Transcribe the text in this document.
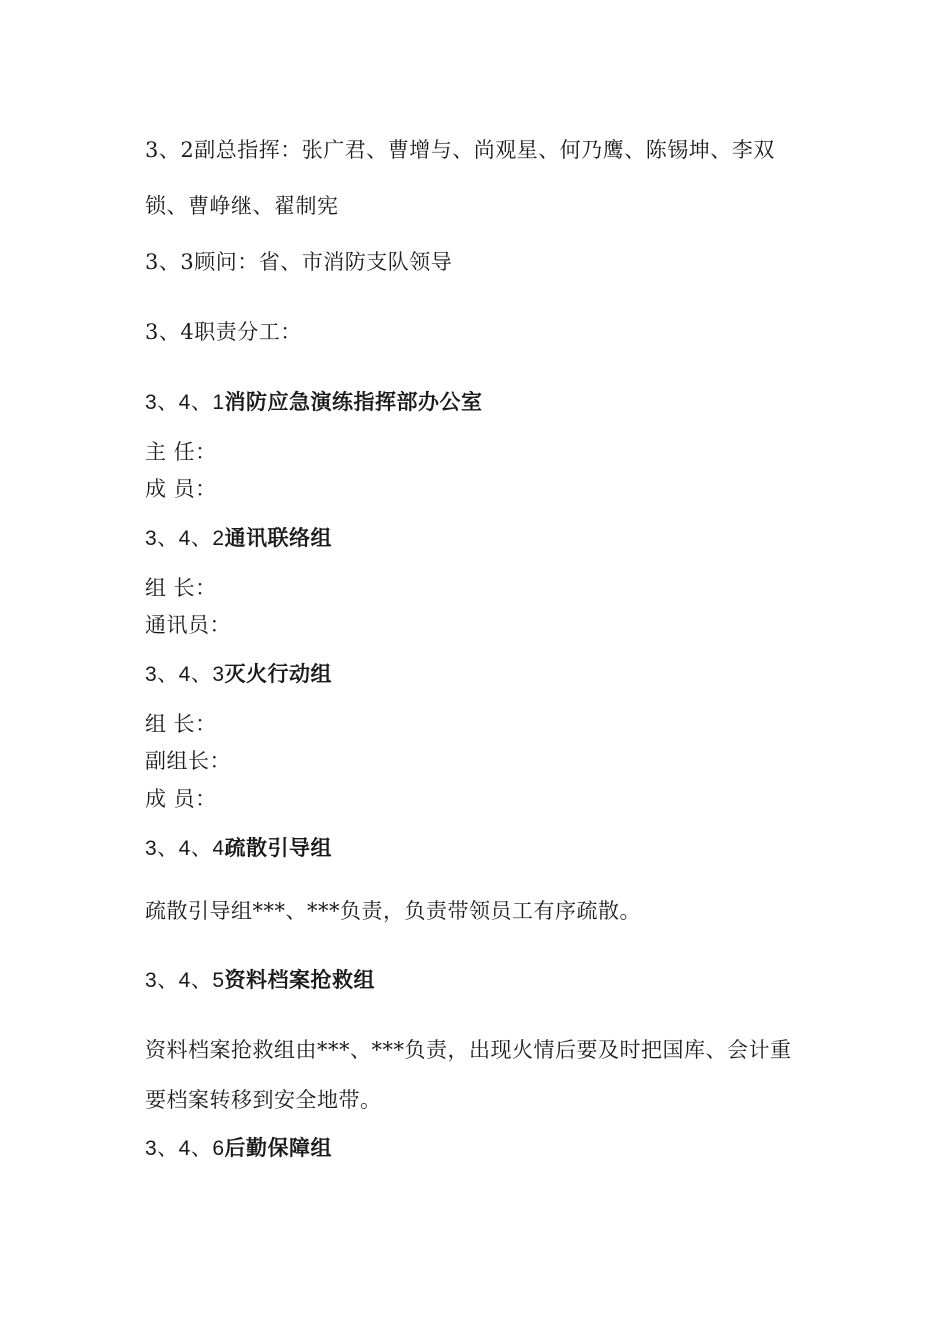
3、2副总指挥：张广君、曹增与、尚观星、何乃鹰、陈锡坤、李双
锁、曹峥继、翟制宪
3、3顾问：省、市消防支队领导
3、4职责分工：
3、4、1消防应急演练指挥部办公室
主 任：
成 员：
3、4、2通讯联络组
组 长：
通讯员：
3、4、3灭火行动组
组 长：
副组长：
成 员：
3、4、4疏散引导组
疏散引导组***、***负责，负责带领员工有序疏散。
3、4、5资料档案抢救组
资料档案抢救组由***、***负责，出现火情后要及时把国库、会计重
要档案转移到安全地带。
3、4、6后勤保障组
